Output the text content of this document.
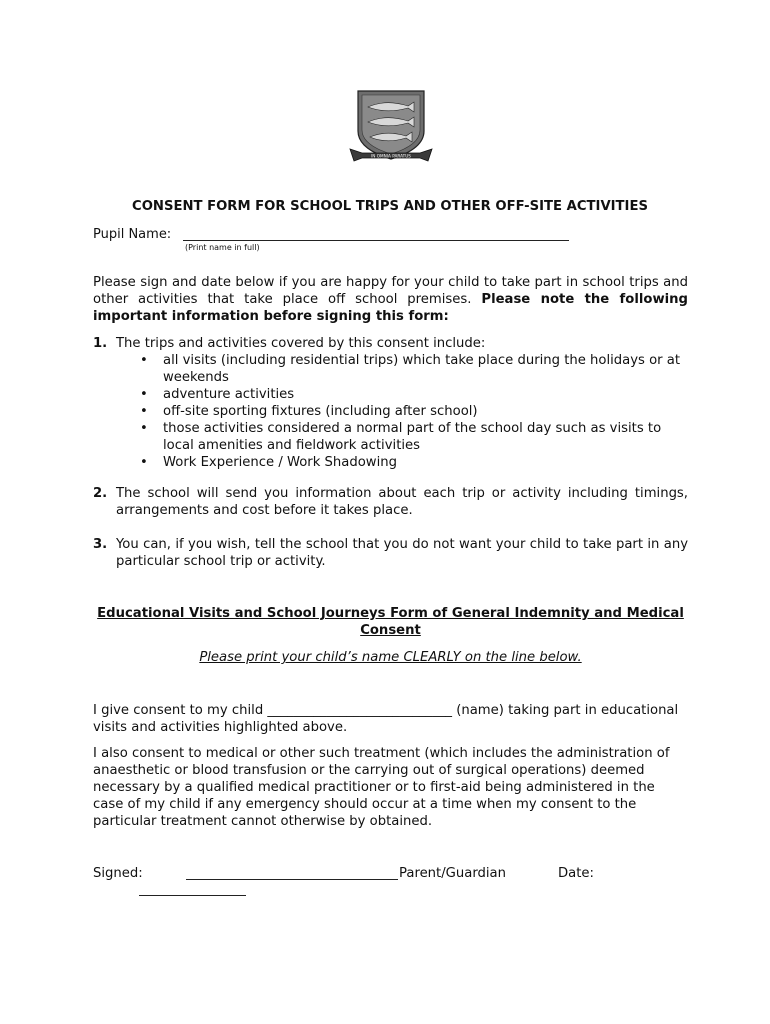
IN OMNIA PARATUS
CONSENT FORM FOR SCHOOL TRIPS AND OTHER OFF-SITE ACTIVITIES
Pupil Name:
(Print name in full)
Please sign and date below if you are happy for your child to take part in school trips and other activities that take place off school premises. Please note the following important information before signing this form:
1. The trips and activities covered by this consent include:
• all visits (including residential trips) which take place during the holidays or at weekends
• adventure activities
• off-site sporting fixtures (including after school)
• those activities considered a normal part of the school day such as visits to local amenities and fieldwork activities
• Work Experience / Work Shadowing
2. The school will send you information about each trip or activity including timings, arrangements and cost before it takes place.
3. You can, if you wish, tell the school that you do not want your child to take part in any particular school trip or activity.
Educational Visits and School Journeys Form of General Indemnity and Medical Consent
Please print your child’s name CLEARLY on the line below.
I give consent to my child ____________________________ (name) taking part in educational visits and activities highlighted above.
I also consent to medical or other such treatment (which includes the administration of anaesthetic or blood transfusion or the carrying out of surgical operations) deemed necessary by a qualified medical practitioner or to first-aid being administered in the case of my child if any emergency should occur at a time when my consent to the particular treatment cannot otherwise by obtained.
Signed:	Parent/Guardian	Date:
